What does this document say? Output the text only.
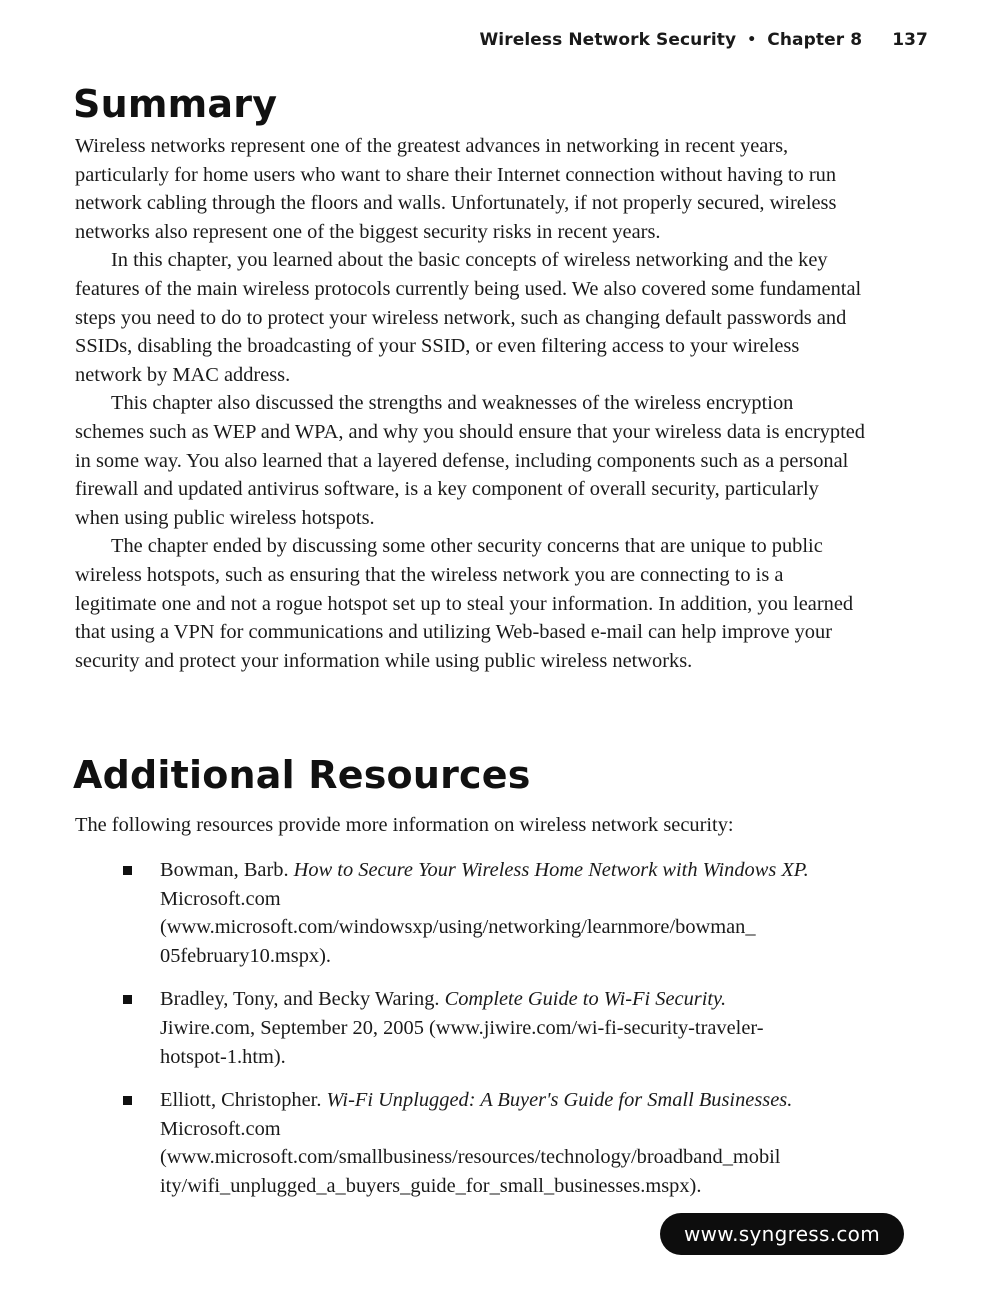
Wireless Network Security • Chapter 8 137
Summary

Wireless networks represent one of the greatest advances in networking in recent years, particularly for home users who want to share their Internet connection without having to run network cabling through the floors and walls. Unfortunately, if not properly secured, wireless networks also represent one of the biggest security risks in recent years.

In this chapter, you learned about the basic concepts of wireless networking and the key features of the main wireless protocols currently being used. We also covered some fundamental steps you need to do to protect your wireless network, such as changing default passwords and SSIDs, disabling the broadcasting of your SSID, or even filtering access to your wireless network by MAC address.

This chapter also discussed the strengths and weaknesses of the wireless encryption schemes such as WEP and WPA, and why you should ensure that your wireless data is encrypted in some way. You also learned that a layered defense, including components such as a personal firewall and updated antivirus software, is a key component of overall security, particularly when using public wireless hotspots.

The chapter ended by discussing some other security concerns that are unique to public wireless hotspots, such as ensuring that the wireless network you are connecting to is a legitimate one and not a rogue hotspot set up to steal your information. In addition, you learned that using a VPN for communications and utilizing Web-based e-mail can help improve your security and protect your information while using public wireless networks.

Additional Resources

The following resources provide more information on wireless network security:

Bowman, Barb. How to Secure Your Wireless Home Network with Windows XP.
Microsoft.com
(www.microsoft.com/windowsxp/using/networking/learnmore/bowman_
05february10.mspx).
Bradley, Tony, and Becky Waring. Complete Guide to Wi-Fi Security.
Jiwire.com, September 20, 2005 (www.jiwire.com/wi-fi-security-traveler-
hotspot-1.htm).
Elliott, Christopher. Wi-Fi Unplugged: A Buyer's Guide for Small Businesses.
Microsoft.com
(www.microsoft.com/smallbusiness/resources/technology/broadband_mobil
ity/wifi_unplugged_a_buyers_guide_for_small_businesses.mspx).
www.syngress.com
